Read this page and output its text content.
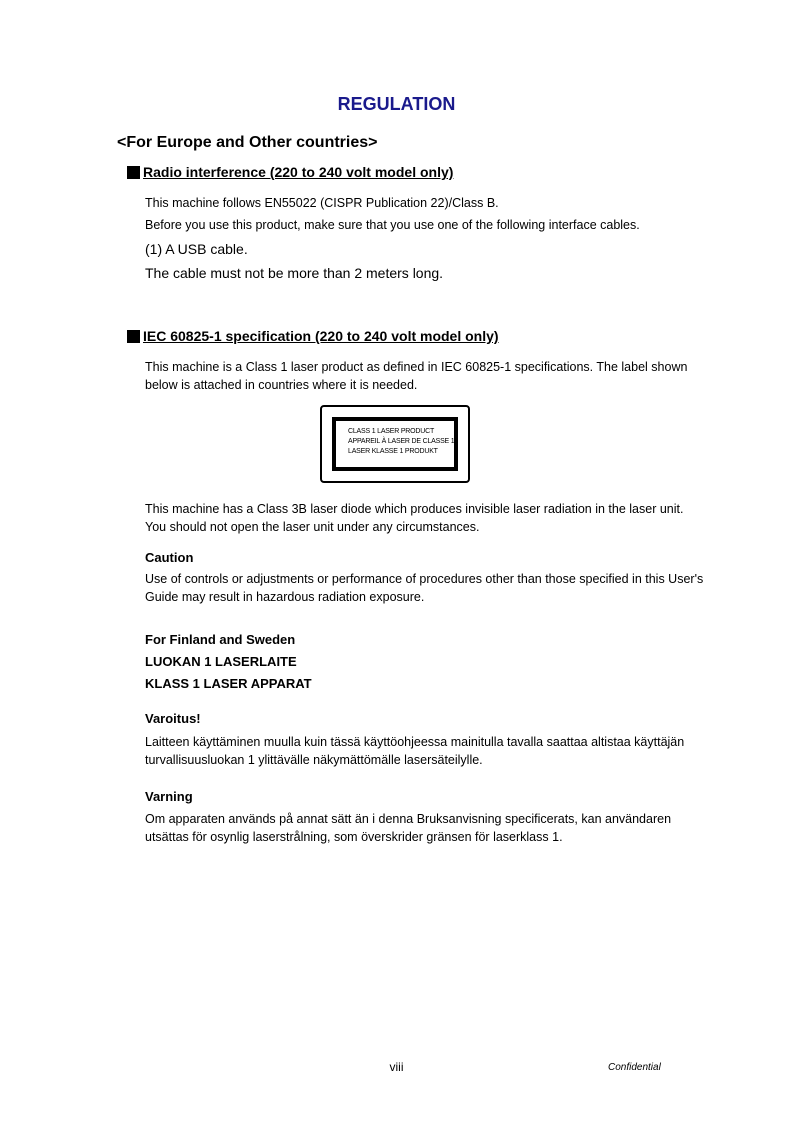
REGULATION
<For Europe and Other countries>
Radio interference (220 to 240 volt model only)
This machine follows EN55022 (CISPR Publication 22)/Class B.
Before you use this product, make sure that you use one of the following interface cables.
(1) A USB cable.
The cable must not be more than 2 meters long.
IEC 60825-1 specification (220 to 240 volt model only)
This machine is a Class 1 laser product as defined in IEC 60825-1 specifications. The label shown below is attached in countries where it is needed.
CLASS 1 LASER PRODUCT
APPAREIL À LASER DE CLASSE 1
LASER KLASSE 1 PRODUKT
This machine has a Class 3B laser diode which produces invisible laser radiation in the laser unit. You should not open the laser unit under any circumstances.
Caution
Use of controls or adjustments or performance of procedures other than those specified in this User's Guide may result in hazardous radiation exposure.
For Finland and Sweden
LUOKAN 1 LASERLAITE
KLASS 1 LASER APPARAT
Varoitus!
Laitteen käyttäminen muulla kuin tässä käyttöohjeessa mainitulla tavalla saattaa altistaa käyttäjän turvallisuusluokan 1 ylittävälle näkymättömälle lasersäteilylle.
Varning
Om apparaten används på annat sätt än i denna Bruksanvisning specificerats, kan användaren utsättas för osynlig laserstrålning, som överskrider gränsen för laserklass 1.
viii	Confidential
